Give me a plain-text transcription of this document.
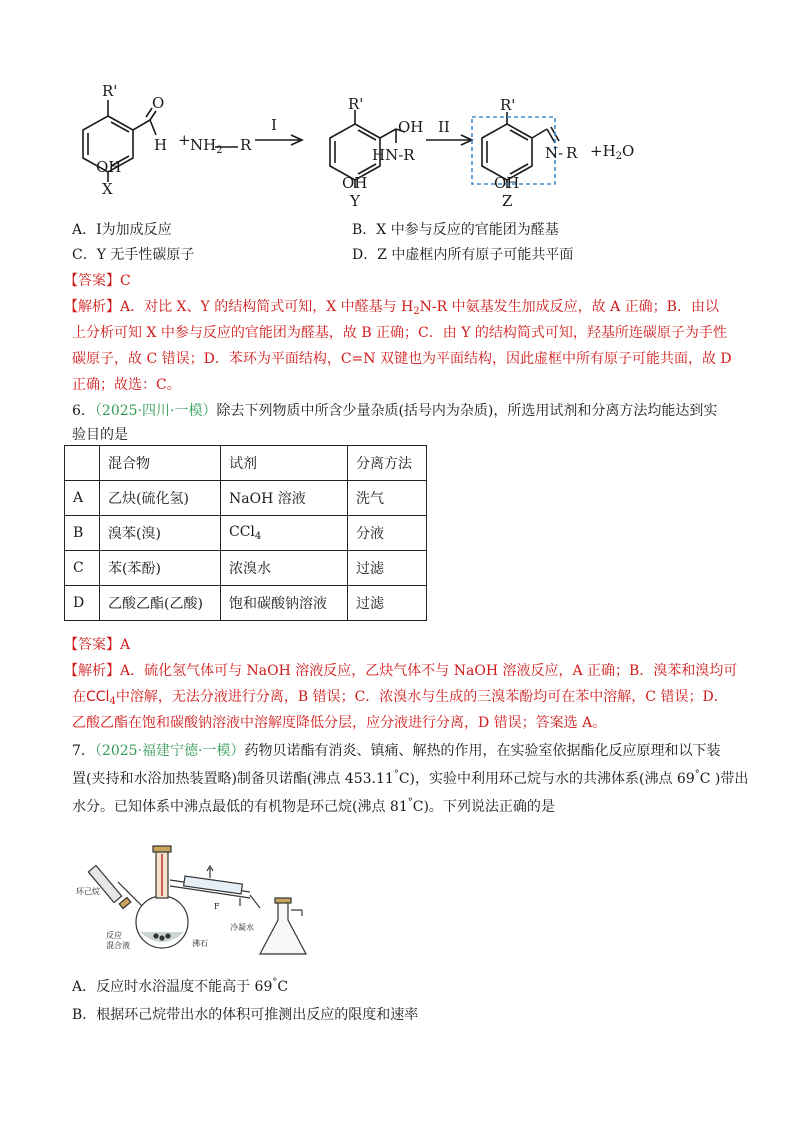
R'
O
H
OH
X
+ $NH_2$ R
I
R'
OH
HN-R
OH
Y
II
R'
N - R
OH
Z
$+H_2O$
A．Ⅰ为加成反应	B．X 中参与反应的官能团为醛基
C．Y 无手性碳原子	D．Z 中虚框内所有原子可能共平面
【答案】C
【解析】A．对比 X、Y 的结构简式可知，X 中醛基与 $H_2N-R$ 中氨基发生加成反应，故 A 正确；B．由以
上分析可知 X 中参与反应的官能团为醛基，故 B 正确；C．由 Y 的结构简式可知，羟基所连碳原子为手性
碳原子，故 C 错误；D．苯环为平面结构，C=N 双键也为平面结构，因此虚框中所有原子可能共面，故 D
正确；故选：C。
6．（2025·四川·一模）除去下列物质中所含少量杂质(括号内为杂质)，所选用试剂和分离方法均能达到实
验目的是
	混合物	试剂	分离方法
A	乙炔(硫化氢)	NaOH 溶液	洗气
B	溴苯(溴)	CCl$_4$	分液
C	苯(苯酚)	浓溴水	过滤
D	乙酸乙酯(乙酸)	饱和碳酸钠溶液	过滤
【答案】A
【解析】A．硫化氢气体可与 NaOH 溶液反应，乙炔气体不与 NaOH 溶液反应，A 正确；B．溴苯和溴均可
在CCl$_4$中溶解，无法分液进行分离，B 错误；C．浓溴水与生成的三溴苯酚均可在苯中溶解，C 错误；D．
乙酸乙酯在饱和碳酸钠溶液中溶解度降低分层，应分液进行分离，D 错误；答案选 A。
7．（2025·福建宁德·一模）药物贝诺酯有消炎、镇痛、解热的作用，在实验室依据酯化反应原理和以下装
置(夹持和水浴加热装置略)制备贝诺酯(沸点 453.11°C)，实验中利用环己烷与水的共沸体系(沸点 69°C )带出
水分。已知体系中沸点最低的有机物是环己烷(沸点 81°C)。下列说法正确的是
环己烷
反应
混合液	沸石
冷凝水
F
A．反应时水浴温度不能高于 69°C
B．根据环己烷带出水的体积可推测出反应的限度和速率
